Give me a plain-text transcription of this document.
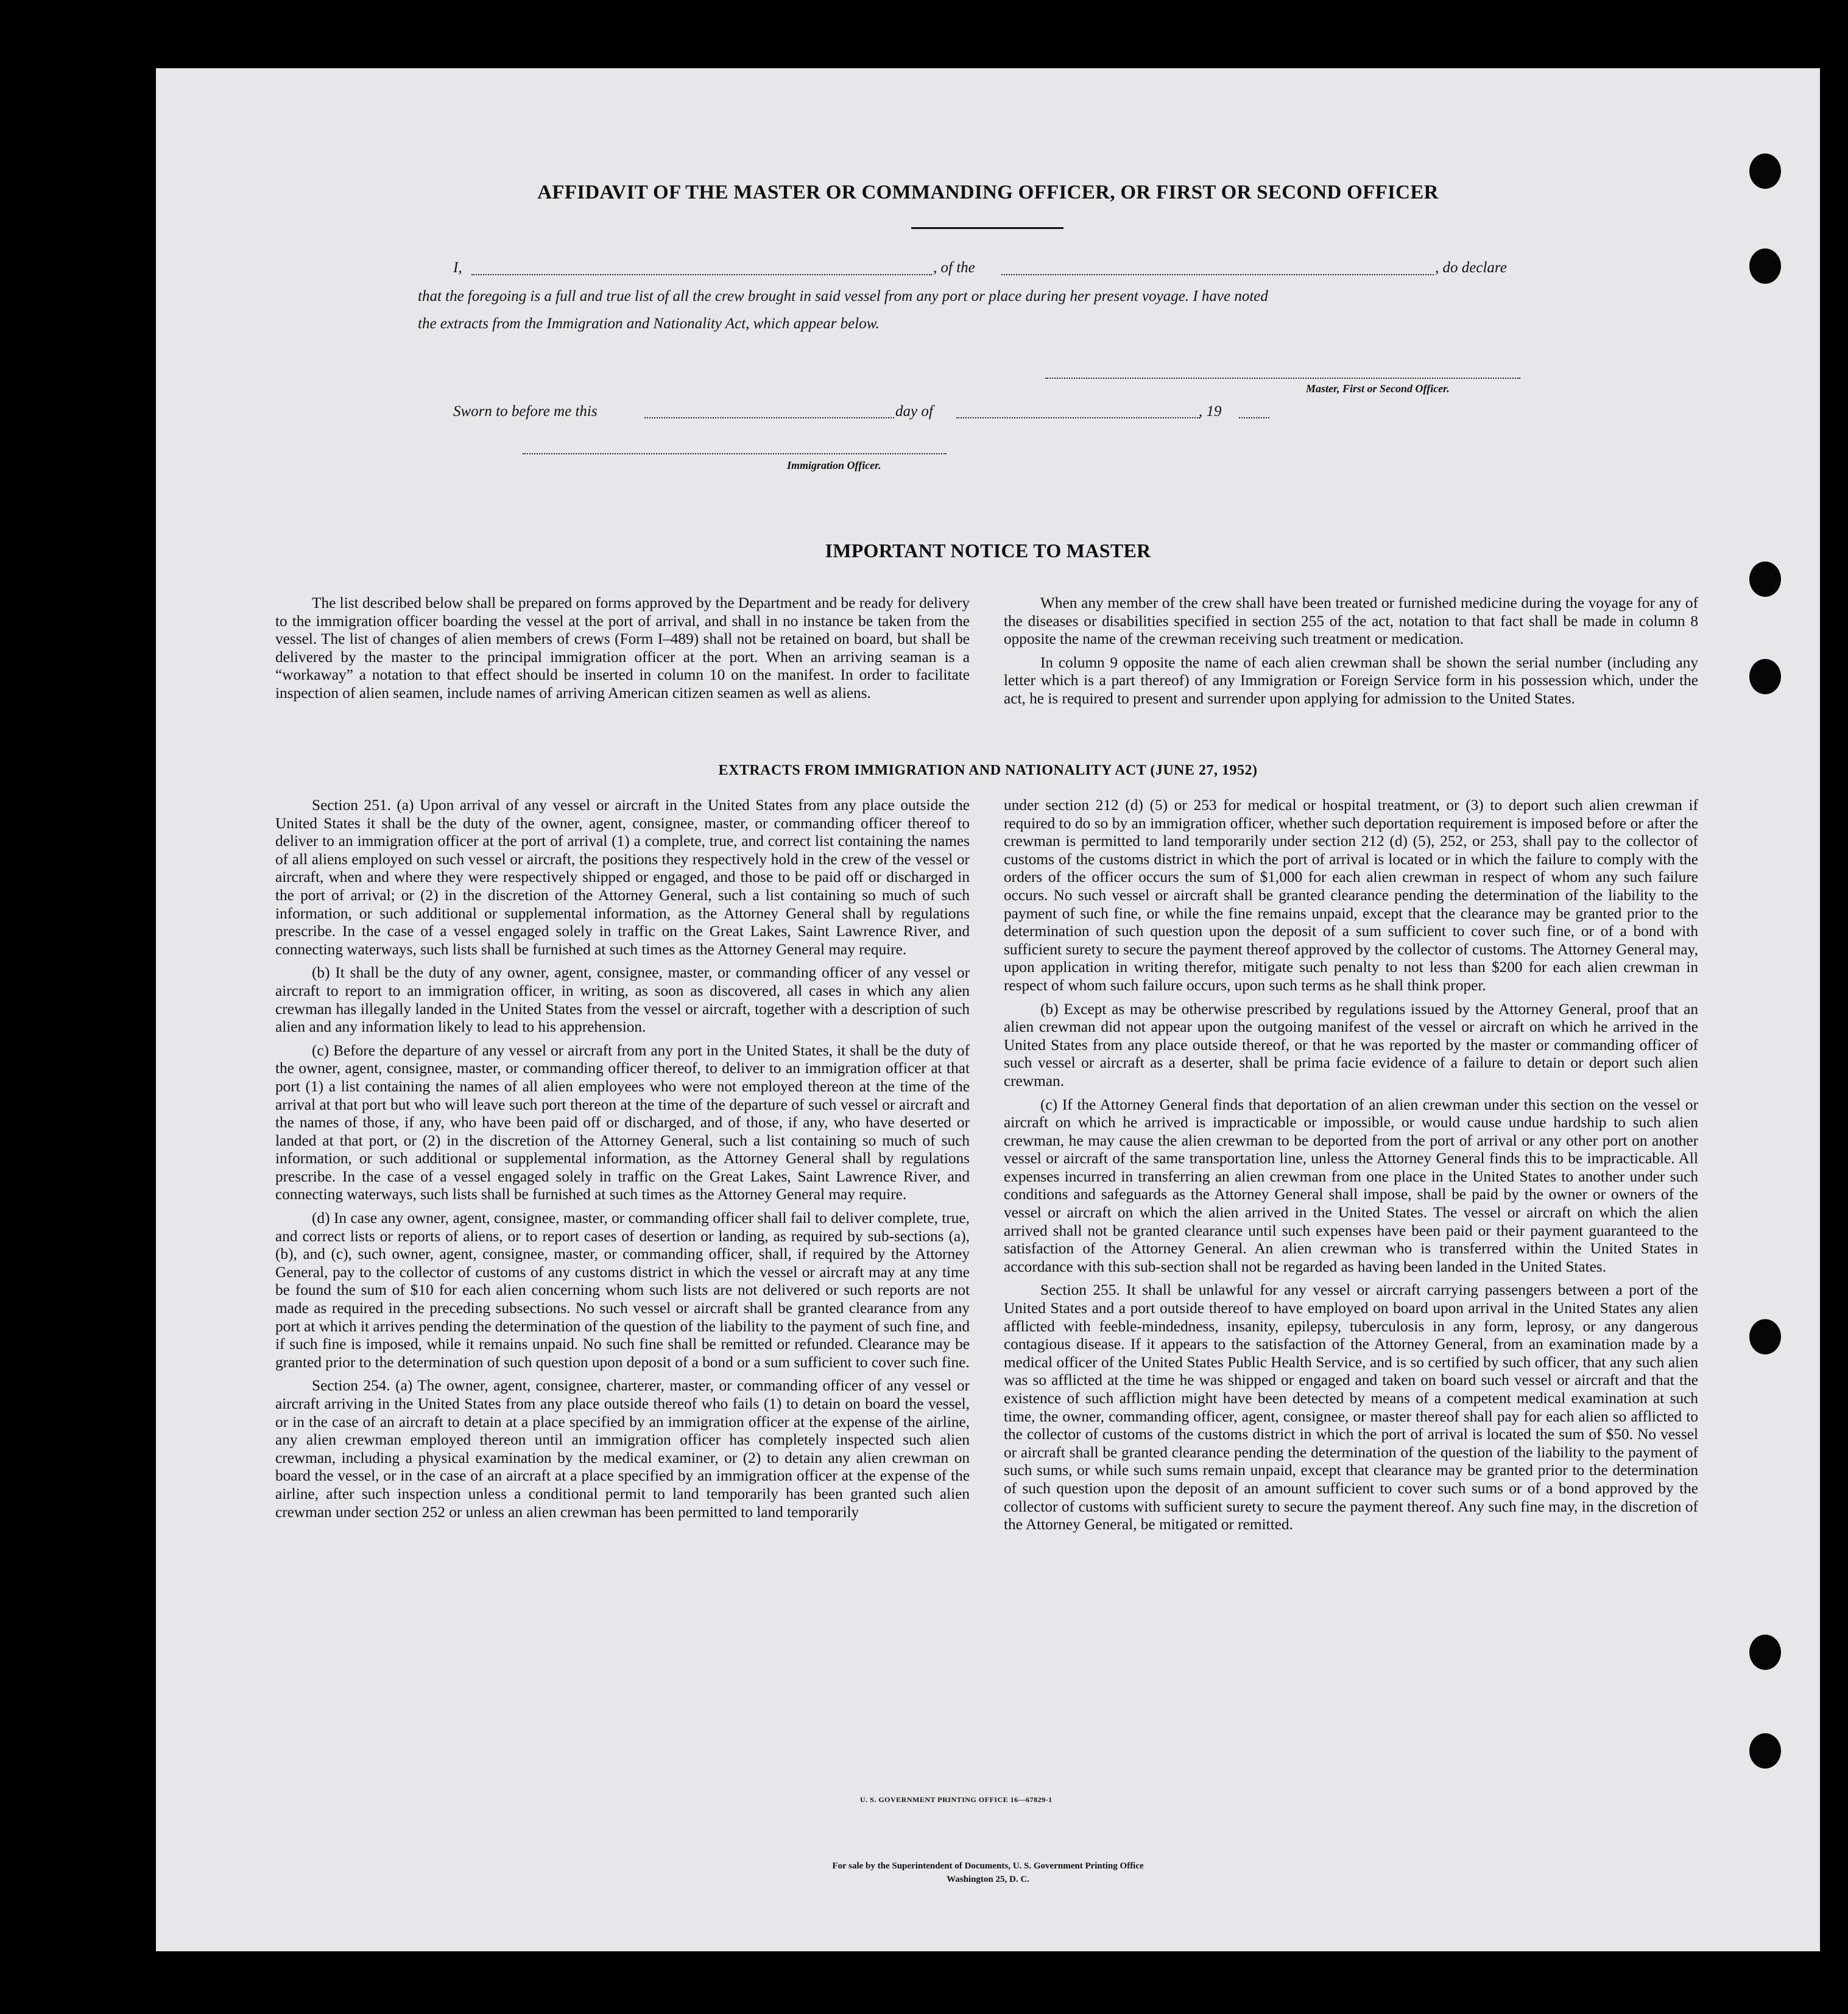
AFFIDAVIT OF THE MASTER OR COMMANDING OFFICER, OR FIRST OR SECOND OFFICER
I,	, of the	, do declare
that the foregoing is a full and true list of all the crew brought in said vessel from any port or place during her present voyage. I have noted
the extracts from the Immigration and Nationality Act, which appear below.
Master, First or Second Officer.
Sworn to before me this	day of	, 19
Immigration Officer.
IMPORTANT NOTICE TO MASTER

The list described below shall be prepared on forms approved by the Department and be ready for delivery to the immigration officer boarding the vessel at the port of arrival, and shall in no instance be taken from the vessel. The list of changes of alien members of crews (Form I–489) shall not be retained on board, but shall be delivered by the master to the principal immigration officer at the port. When an arriving seaman is a “workaway” a notation to that effect should be inserted in column 10 on the manifest. In order to facilitate inspection of alien seamen, include names of arriving American citizen seamen as well as aliens.

When any member of the crew shall have been treated or furnished medicine during the voyage for any of the diseases or disabilities specified in section 255 of the act, notation to that fact shall be made in column 8 opposite the name of the crewman receiving such treatment or medication.

In column 9 opposite the name of each alien crewman shall be shown the serial number (including any letter which is a part thereof) of any Immigration or Foreign Service form in his possession which, under the act, he is required to present and surrender upon applying for admission to the United States.

EXTRACTS FROM IMMIGRATION AND NATIONALITY ACT (JUNE 27, 1952)

Section 251. (a) Upon arrival of any vessel or aircraft in the United States from any place outside the United States it shall be the duty of the owner, agent, consignee, master, or commanding officer thereof to deliver to an immigration officer at the port of arrival (1) a complete, true, and correct list containing the names of all aliens employed on such vessel or aircraft, the positions they respectively hold in the crew of the vessel or aircraft, when and where they were respectively shipped or engaged, and those to be paid off or discharged in the port of arrival; or (2) in the discretion of the Attorney General, such a list containing so much of such information, or such additional or supplemental information, as the Attorney General shall by regulations prescribe. In the case of a vessel engaged solely in traffic on the Great Lakes, Saint Lawrence River, and connecting waterways, such lists shall be furnished at such times as the Attorney General may require.

(b) It shall be the duty of any owner, agent, consignee, master, or commanding officer of any vessel or aircraft to report to an immigration officer, in writing, as soon as discovered, all cases in which any alien crewman has illegally landed in the United States from the vessel or aircraft, together with a description of such alien and any information likely to lead to his apprehension.

(c) Before the departure of any vessel or aircraft from any port in the United States, it shall be the duty of the owner, agent, consignee, master, or commanding officer thereof, to deliver to an immigration officer at that port (1) a list containing the names of all alien employees who were not employed thereon at the time of the arrival at that port but who will leave such port thereon at the time of the departure of such vessel or aircraft and the names of those, if any, who have been paid off or discharged, and of those, if any, who have deserted or landed at that port, or (2) in the discretion of the Attorney General, such a list containing so much of such information, or such additional or supplemental information, as the Attorney General shall by regulations prescribe. In the case of a vessel engaged solely in traffic on the Great Lakes, Saint Lawrence River, and connecting waterways, such lists shall be furnished at such times as the Attorney General may require.

(d) In case any owner, agent, consignee, master, or commanding officer shall fail to deliver complete, true, and correct lists or reports of aliens, or to report cases of desertion or landing, as required by sub-sections (a), (b), and (c), such owner, agent, consignee, master, or commanding officer, shall, if required by the Attorney General, pay to the collector of customs of any customs district in which the vessel or aircraft may at any time be found the sum of $10 for each alien concerning whom such lists are not delivered or such reports are not made as required in the preceding subsections. No such vessel or aircraft shall be granted clearance from any port at which it arrives pending the determination of the question of the liability to the payment of such fine, and if such fine is imposed, while it remains unpaid. No such fine shall be remitted or refunded. Clearance may be granted prior to the determination of such question upon deposit of a bond or a sum sufficient to cover such fine.

Section 254. (a) The owner, agent, consignee, charterer, master, or commanding officer of any vessel or aircraft arriving in the United States from any place outside thereof who fails (1) to detain on board the vessel, or in the case of an aircraft to detain at a place specified by an immigration officer at the expense of the airline, any alien crewman employed thereon until an immigration officer has completely inspected such alien crewman, including a physical examination by the medical examiner, or (2) to detain any alien crewman on board the vessel, or in the case of an aircraft at a place specified by an immigration officer at the expense of the airline, after such inspection unless a conditional permit to land temporarily has been granted such alien crewman under section 252 or unless an alien crewman has been permitted to land temporarily

under section 212 (d) (5) or 253 for medical or hospital treatment, or (3) to deport such alien crewman if required to do so by an immigration officer, whether such deportation requirement is imposed before or after the crewman is permitted to land temporarily under section 212 (d) (5), 252, or 253, shall pay to the collector of customs of the customs district in which the port of arrival is located or in which the failure to comply with the orders of the officer occurs the sum of $1,000 for each alien crewman in respect of whom any such failure occurs. No such vessel or aircraft shall be granted clearance pending the determination of the liability to the payment of such fine, or while the fine remains unpaid, except that the clearance may be granted prior to the determination of such question upon the deposit of a sum sufficient to cover such fine, or of a bond with sufficient surety to secure the payment thereof approved by the collector of customs. The Attorney General may, upon application in writing therefor, mitigate such penalty to not less than $200 for each alien crewman in respect of whom such failure occurs, upon such terms as he shall think proper.

(b) Except as may be otherwise prescribed by regulations issued by the Attorney General, proof that an alien crewman did not appear upon the outgoing manifest of the vessel or aircraft on which he arrived in the United States from any place outside thereof, or that he was reported by the master or commanding officer of such vessel or aircraft as a deserter, shall be prima facie evidence of a failure to detain or deport such alien crewman.

(c) If the Attorney General finds that deportation of an alien crewman under this section on the vessel or aircraft on which he arrived is impracticable or impossible, or would cause undue hardship to such alien crewman, he may cause the alien crewman to be deported from the port of arrival or any other port on another vessel or aircraft of the same transportation line, unless the Attorney General finds this to be impracticable. All expenses incurred in transferring an alien crewman from one place in the United States to another under such conditions and safeguards as the Attorney General shall impose, shall be paid by the owner or owners of the vessel or aircraft on which the alien arrived in the United States. The vessel or aircraft on which the alien arrived shall not be granted clearance until such expenses have been paid or their payment guaranteed to the satisfaction of the Attorney General. An alien crewman who is transferred within the United States in accordance with this sub-section shall not be regarded as having been landed in the United States.

Section 255. It shall be unlawful for any vessel or aircraft carrying passengers between a port of the United States and a port outside thereof to have employed on board upon arrival in the United States any alien afflicted with feeble-mindedness, insanity, epilepsy, tuberculosis in any form, leprosy, or any dangerous contagious disease. If it appears to the satisfaction of the Attorney General, from an examination made by a medical officer of the United States Public Health Service, and is so certified by such officer, that any such alien was so afflicted at the time he was shipped or engaged and taken on board such vessel or aircraft and that the existence of such affliction might have been detected by means of a competent medical examination at such time, the owner, commanding officer, agent, consignee, or master thereof shall pay for each alien so afflicted to the collector of customs of the customs district in which the port of arrival is located the sum of $50. No vessel or aircraft shall be granted clearance pending the determination of the question of the liability to the payment of such sums, or while such sums remain unpaid, except that clearance may be granted prior to the determination of such question upon the deposit of an amount sufficient to cover such sums or of a bond approved by the collector of customs with sufficient surety to secure the payment thereof. Any such fine may, in the discretion of the Attorney General, be mitigated or remitted.

U. S. GOVERNMENT PRINTING OFFICE 16—67829-1
For sale by the Superintendent of Documents, U. S. Government Printing Office
Washington 25, D. C.
